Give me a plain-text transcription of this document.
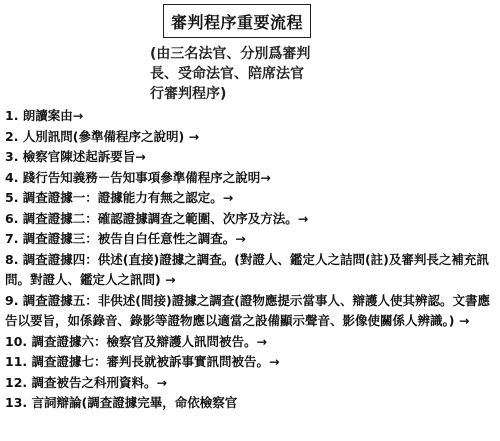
審判程序重要流程
(由三名法官、分別爲審判
長、受命法官、陪席法官
行審判程序)

1. 朗讀案由→

2. 人別訊問(參準備程序之說明) →

3. 檢察官陳述起訴要旨→

4. 踐行告知義務－告知事項參準備程序之說明→

5. 調查證據一：證據能力有無之認定。→

6. 調查證據二：確認證據調查之範圍、次序及方法。→

7. 調查證據三：被告自白任意性之調查。→

8. 調查證據四：供述(直接)證據之調查。(對證人、鑑定人之詰問(註)及審判長之補充訊問。對證人、鑑定人之訊問) →

9. 調查證據五：非供述(間接)證據之調查(證物應提示當事人、辯護人使其辨認。文書應告以要旨，如係錄音、錄影等證物應以適當之設備顯示聲音、影像使關係人辨識。) →

10. 調查證據六：檢察官及辯護人訊問被告。→

11. 調查證據七：審判長就被訴事實訊問被告。→

12. 調查被告之科刑資料。→

13. 言詞辯論(調查證據完畢，命依檢察官
